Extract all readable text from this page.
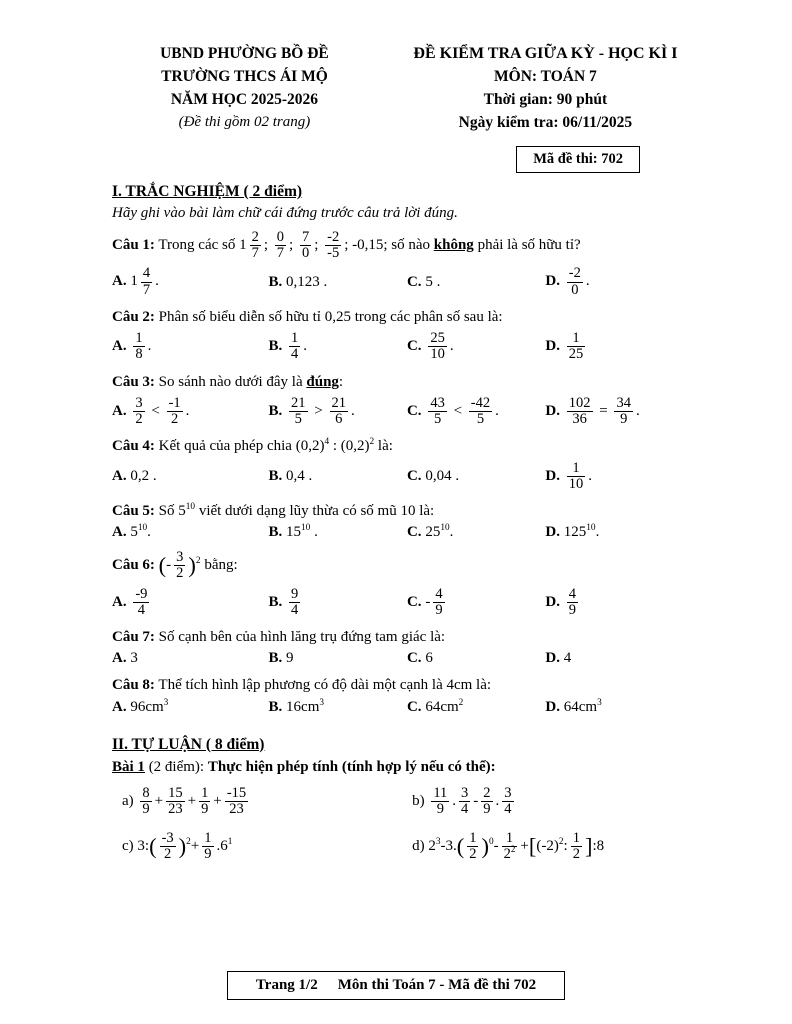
UBND PHƯỜNG BỒ ĐỀ
TRƯỜNG THCS ÁI MỘ
NĂM HỌC 2025-2026
(Đề thi gồm 02 trang)
ĐỀ KIỂM TRA GIỮA KỲ - HỌC KÌ I
MÔN: TOÁN 7
Thời gian: 90 phút
Ngày kiểm tra: 06/11/2025
Mã đề thi: 702
I. TRẮC NGHIỆM ( 2 điểm)

Hãy ghi vào bài làm chữ cái đứng trước câu trả lời đúng.

Câu 1: Trong các số $1 \frac{2}{7}$ ; $\frac{0}{7}$ ; $\frac{7}{0}$ ; $\frac{-2}{-5}$ ; -0,15; số nào không phải là số hữu tỉ?
A. $1 \frac{4}{7}$ .	B. 0,123 .	C. 5 .	D. $\frac{-2}{0}$ .
Câu 2: Phân số biểu diễn số hữu tỉ 0,25 trong các phân số sau là:
A. $\frac{1}{8}$ .	B. $\frac{1}{4}$ .	C. $\frac{25}{10}$ .	D. $\frac{1}{25}$
Câu 3: So sánh nào dưới đây là đúng:
A. $\frac{3}{2} < \frac{-1}{2}$ .	B. $\frac{21}{5} > \frac{21}{6}$ .	C. $\frac{43}{5} < \frac{-42}{5}$ .	D. $\frac{102}{36} = \frac{34}{9}$ .
Câu 4: Kết quả của phép chia $(0,2)^4$ : $(0,2)^2$ là:
A. 0,2 .	B. 0,4 .	C. 0,04 .	D. $\frac{1}{10}$ .
Câu 5: Số $5^{10}$ viết dưới dạng lũy thừa có số mũ 10 là:
A. $5^{10}$.	B. $15^{10}$ .	C. $25^{10}$.	D. $125^{10}$.
Câu 6: (- $\frac{3}{2} )^2$ bằng:
A. $\frac{-9}{4}$	B. $\frac{9}{4}$	C. - $\frac{4}{9}$	D. $\frac{4}{9}$
Câu 7: Số cạnh bên của hình lăng trụ đứng tam giác là:
A. 3	B. 9	C. 6	D. 4
Câu 8: Thể tích hình lập phương có độ dài một cạnh là 4cm là:
A. $96cm^3$	B. $16cm^3$	C. $64cm^2$	D. $64cm^3$
II. TỰ LUẬN ( 8 điểm)

Bài 1 (2 điểm): Thực hiện phép tính (tính hợp lý nếu có thể):

$a) \frac{8}{9} + \frac{15}{23} + \frac{1}{9} + \frac{-15}{23}$	$b) \frac{11}{9}$ . $\frac{3}{4} - \frac{2}{9}$ . $\frac{3}{4}$
c) 3:( $\frac{-3}{2} )^2+ \frac{1}{9} .6^1$	d) $2^3-3.( \frac{1}{2} )^0- \frac{1}{2^2} +[(-2)^2$: $\frac{1}{2}$ ]:8
Trang 1/2 Môn thi Toán 7 - Mã đề thi 702
